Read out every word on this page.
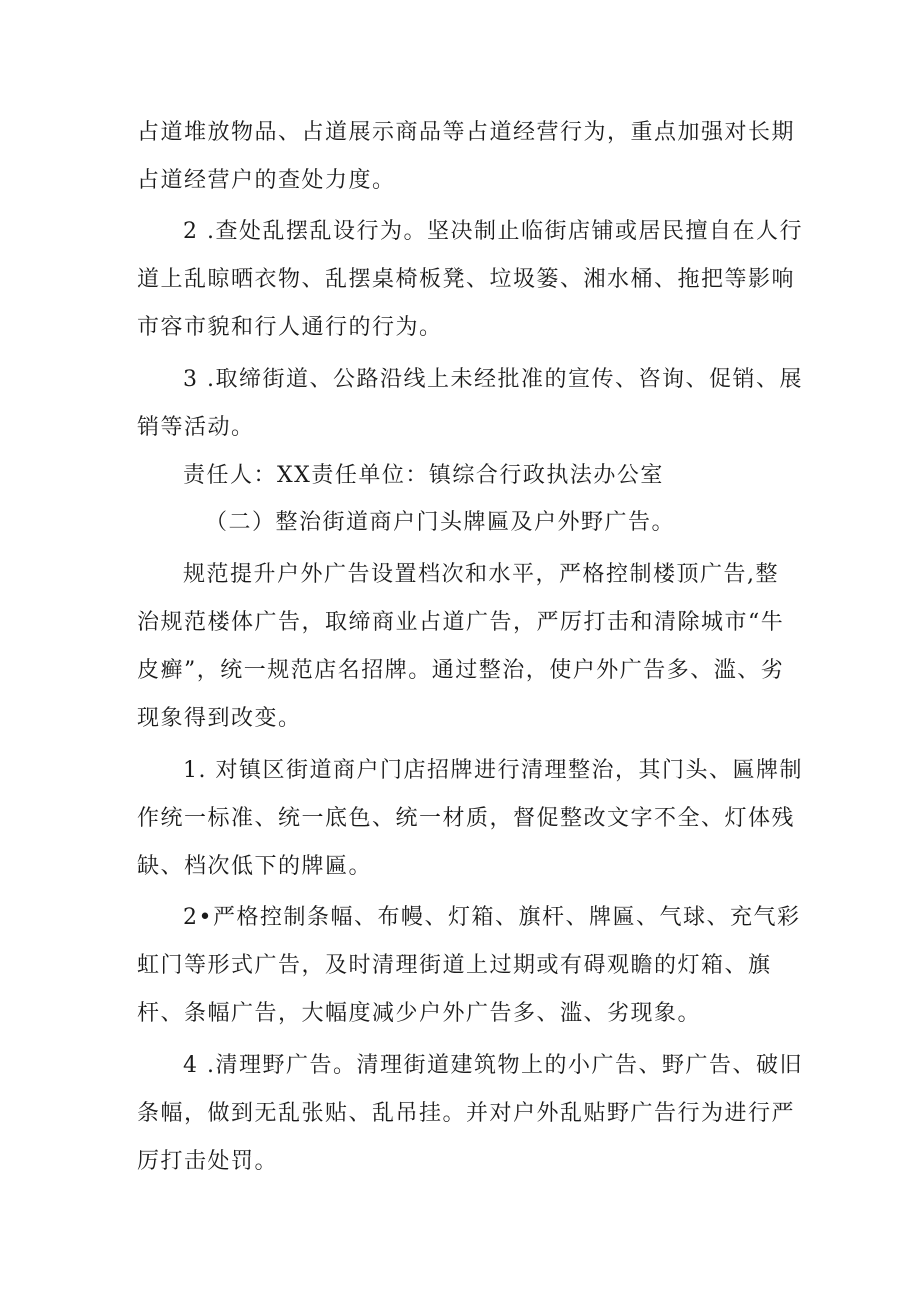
占道堆放物品、占道展示商品等占道经营行为，重点加强对长期
占道经营户的查处力度。
2 .查处乱摆乱设行为。坚决制止临街店铺或居民擅自在人行
道上乱晾晒衣物、乱摆桌椅板凳、垃圾篓、湘水桶、拖把等影响
市容市貌和行人通行的行为。
3 .取缔街道、公路沿线上未经批准的宣传、咨询、促销、展
销等活动。
责任人：XX责任单位：镇综合行政执法办公室
（二）整治街道商户门头牌匾及户外野广告。
规范提升户外广告设置档次和水平，严格控制楼顶广告,整
治规范楼体广告，取缔商业占道广告，严厉打击和清除城市“牛
皮癣”，统一规范店名招牌。通过整治，使户外广告多、滥、劣
现象得到改变。
1. 对镇区街道商户门店招牌进行清理整治，其门头、匾牌制
作统一标准、统一底色、统一材质，督促整改文字不全、灯体残
缺、档次低下的牌匾。
2•严格控制条幅、布幔、灯箱、旗杆、牌匾、气球、充气彩
虹门等形式广告，及时清理街道上过期或有碍观瞻的灯箱、旗
杆、条幅广告，大幅度减少户外广告多、滥、劣现象。
4 .清理野广告。清理街道建筑物上的小广告、野广告、破旧
条幅，做到无乱张贴、乱吊挂。并对户外乱贴野广告行为进行严
厉打击处罚。
